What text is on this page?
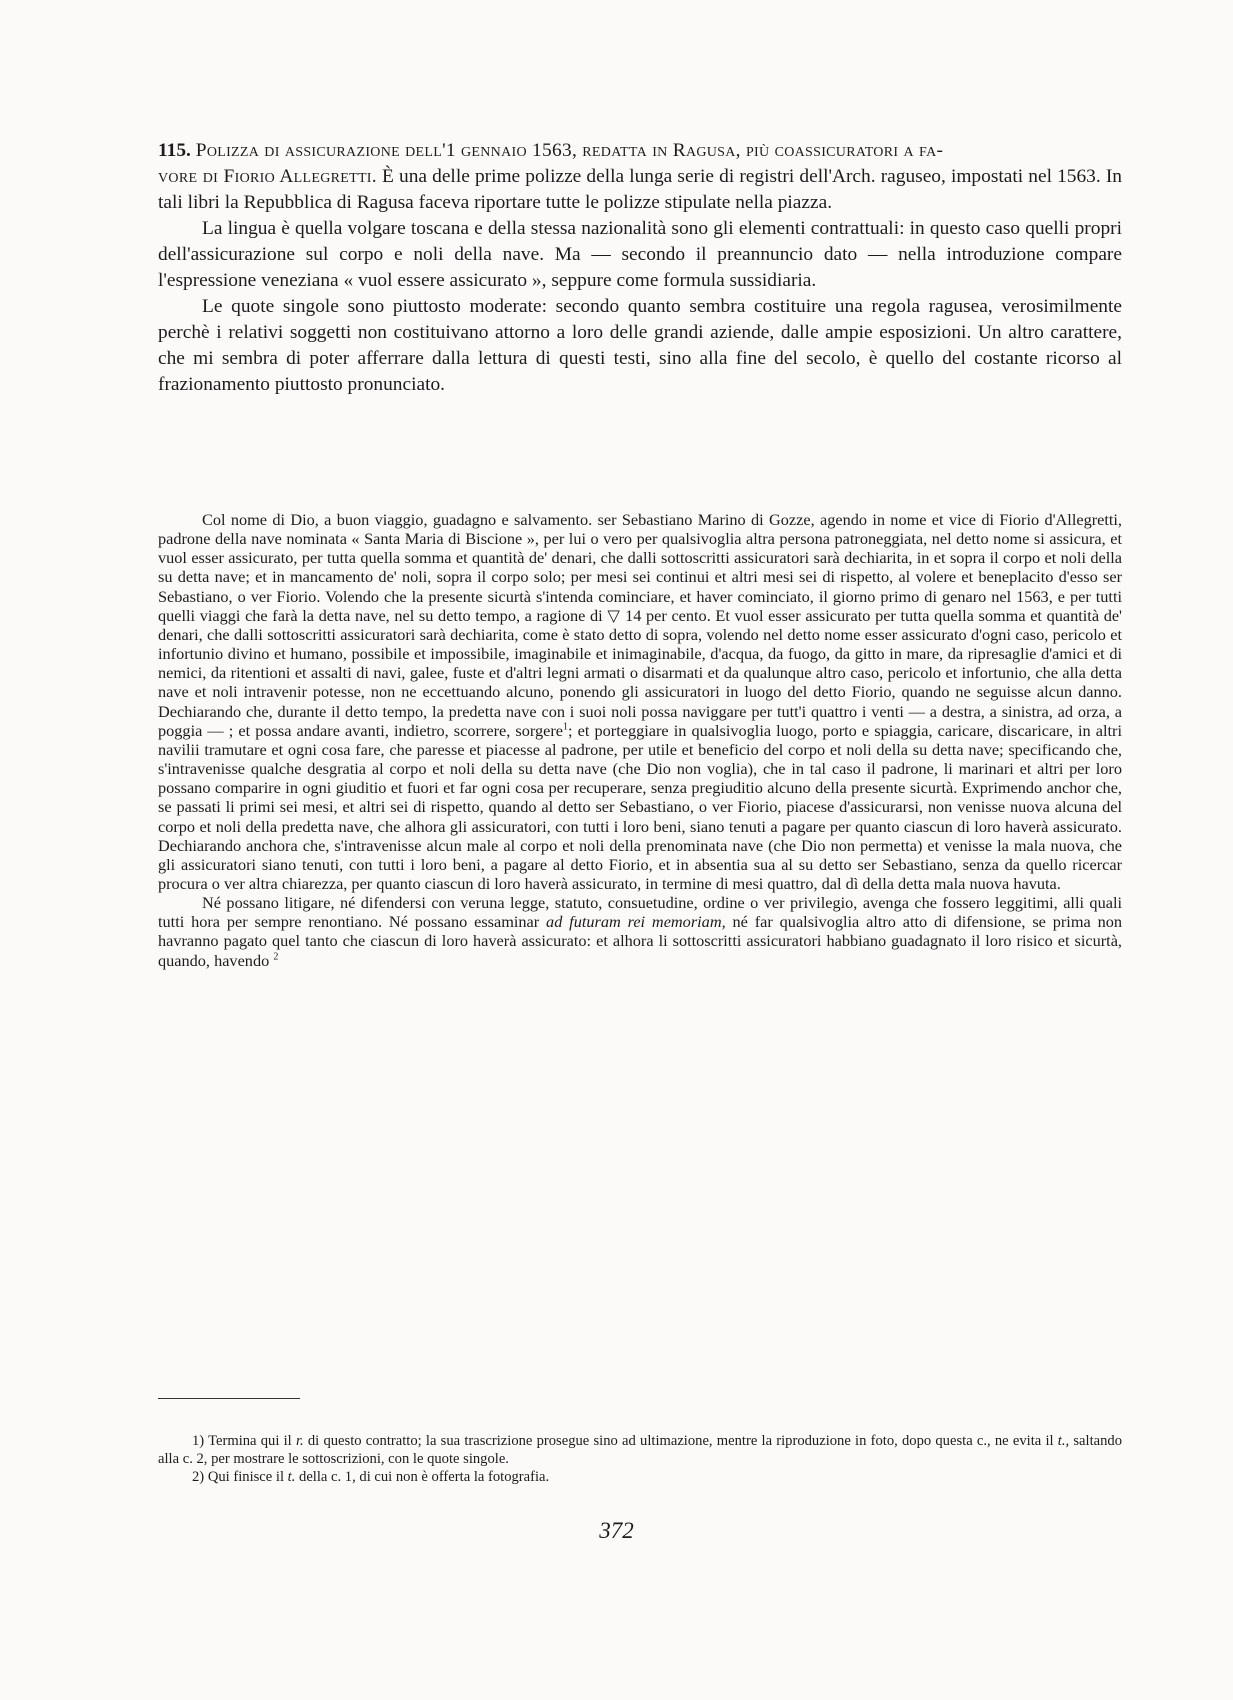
115. Polizza di assicurazione dell'1 gennaio 1563, redatta in Ragusa, più coassicuratori a fa-
vore di Fiorio Allegretti. È una delle prime polizze della lunga serie di registri dell'Arch. raguseo, impostati nel 1563. In tali libri la Repubblica di Ragusa faceva riportare tutte le polizze stipulate nella piazza.

La lingua è quella volgare toscana e della stessa nazionalità sono gli elementi contrattuali: in questo caso quelli propri dell'assicurazione sul corpo e noli della nave. Ma — secondo il preannuncio dato — nella introduzione compare l'espressione veneziana « vuol essere assicurato », seppure come formula sussidiaria.

Le quote singole sono piuttosto moderate: secondo quanto sembra costituire una regola ragusea, verosimilmente perchè i relativi soggetti non costituivano attorno a loro delle grandi aziende, dalle ampie esposizioni. Un altro carattere, che mi sembra di poter afferrare dalla lettura di questi testi, sino alla fine del secolo, è quello del costante ricorso al frazionamento piuttosto pronunciato.

Col nome di Dio, a buon viaggio, guadagno e salvamento. ser Sebastiano Marino di Gozze, agendo in nome et vice di Fiorio d'Allegretti, padrone della nave nominata « Santa Maria di Biscione », per lui o vero per qualsivoglia altra persona patroneggiata, nel detto nome si assicura, et vuol esser assicurato, per tutta quella somma et quantità de' denari, che dalli sottoscritti assicuratori sarà dechiarita, in et sopra il corpo et noli della su detta nave; et in mancamento de' noli, sopra il corpo solo; per mesi sei continui et altri mesi sei di rispetto, al volere et beneplacito d'esso ser Sebastiano, o ver Fiorio. Volendo che la presente sicurtà s'intenda cominciare, et haver cominciato, il giorno primo di genaro nel 1563, e per tutti quelli viaggi che farà la detta nave, nel su detto tempo, a ragione di ▽ 14 per cento. Et vuol esser assicurato per tutta quella somma et quantità de' denari, che dalli sottoscritti assicuratori sarà dechiarita, come è stato detto di sopra, volendo nel detto nome esser assicurato d'ogni caso, pericolo et infortunio divino et humano, possibile et impossibile, imaginabile et inimaginabile, d'acqua, da fuogo, da gitto in mare, da ripresaglie d'amici et di nemici, da ritentioni et assalti di navi, galee, fuste et d'altri legni armati o disarmati et da qualunque altro caso, pericolo et infortunio, che alla detta nave et noli intravenir potesse, non ne eccettuando alcuno, ponendo gli assicuratori in luogo del detto Fiorio, quando ne seguisse alcun danno. Dechiarando che, durante il detto tempo, la predetta nave con i suoi noli possa naviggare per tutt'i quattro i venti — a destra, a sinistra, ad orza, a poggia — ; et possa andare avanti, indietro, scorrere, sorgere$^1$; et porteggiare in qualsivoglia luogo, porto e spiaggia, caricare, discaricare, in altri navilii tramutare et ogni cosa fare, che paresse et piacesse al padrone, per utile et beneficio del corpo et noli della su detta nave; specificando che, s'intravenisse qualche desgratia al corpo et noli della su detta nave (che Dio non voglia), che in tal caso il padrone, li marinari et altri per loro possano comparire in ogni giuditio et fuori et far ogni cosa per recuperare, senza pregiuditio alcuno della presente sicurtà. Exprimendo anchor che, se passati li primi sei mesi, et altri sei di rispetto, quando al detto ser Sebastiano, o ver Fiorio, piacese d'assicurarsi, non venisse nuova alcuna del corpo et noli della predetta nave, che alhora gli assicuratori, con tutti i loro beni, siano tenuti a pagare per quanto ciascun di loro haverà assicurato. Dechiarando anchora che, s'intravenisse alcun male al corpo et noli della prenominata nave (che Dio non permetta) et venisse la mala nuova, che gli assicuratori siano tenuti, con tutti i loro beni, a pagare al detto Fiorio, et in absentia sua al su detto ser Sebastiano, senza da quello ricercar procura o ver altra chiarezza, per quanto ciascun di loro haverà assicurato, in termine di mesi quattro, dal dì della detta mala nuova havuta.

Né possano litigare, né difendersi con veruna legge, statuto, consuetudine, ordine o ver privilegio, avenga che fossero leggitimi, alli quali tutti hora per sempre renontiano. Né possano essaminar ad futuram rei memoriam, né far qualsivoglia altro atto di difensione, se prima non havranno pagato quel tanto che ciascun di loro haverà assicurato: et alhora li sottoscritti assicuratori habbiano guadagnato il loro risico et sicurtà, quando, havendo $^2$

1) Termina qui il r. di questo contratto; la sua trascrizione prosegue sino ad ultimazione, mentre la riproduzione in foto, dopo questa c., ne evita il t., saltando alla c. 2, per mostrare le sottoscrizioni, con le quote singole.

2) Qui finisce il t. della c. 1, di cui non è offerta la fotografia.

372
